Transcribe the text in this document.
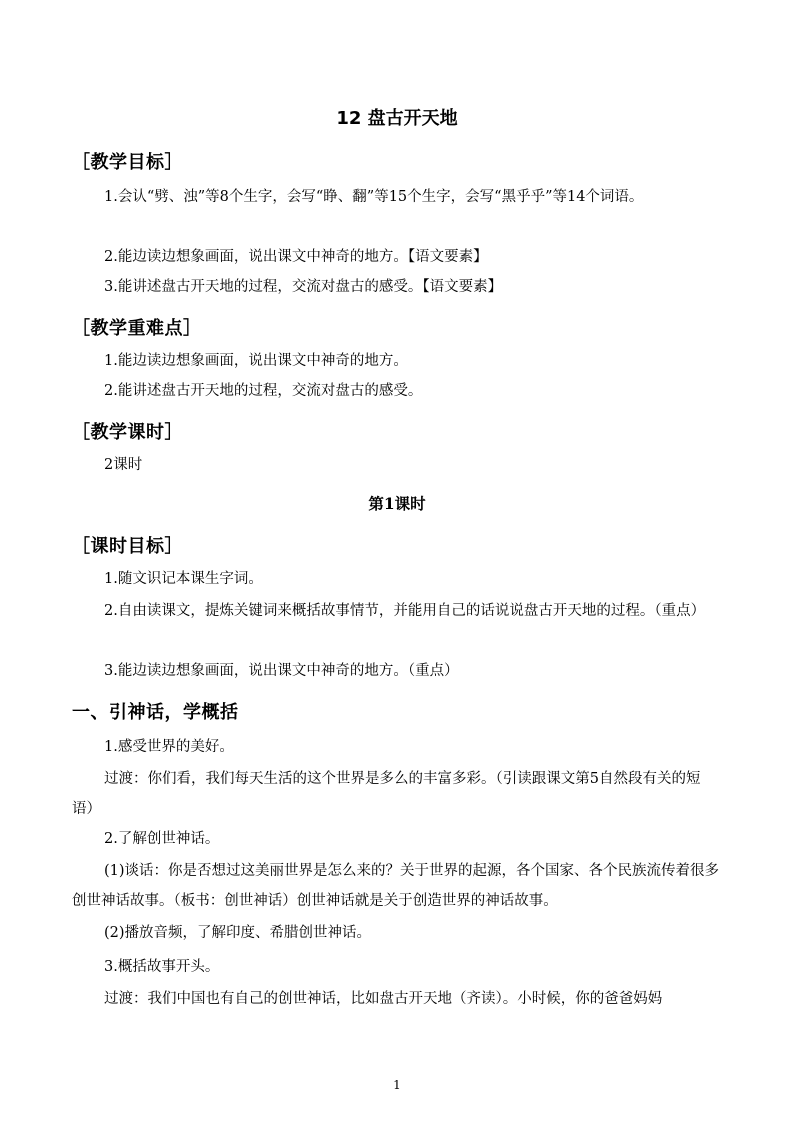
12 盘古开天地
［教学目标］
1.会认“劈、浊”等8个生字，会写“睁、翻”等15个生字，会写“黑乎乎”等14个词语。
2.能边读边想象画面，说出课文中神奇的地方。【语文要素】
3.能讲述盘古开天地的过程，交流对盘古的感受。【语文要素】
［教学重难点］
1.能边读边想象画面，说出课文中神奇的地方。
2.能讲述盘古开天地的过程，交流对盘古的感受。
［教学课时］
2课时
第1课时
［课时目标］
1.随文识记本课生字词。
2.自由读课文，提炼关键词来概括故事情节，并能用自己的话说说盘古开天地的过程。（重点）
3.能边读边想象画面，说出课文中神奇的地方。（重点）
一、引神话，学概括
1.感受世界的美好。
过渡：你们看，我们每天生活的这个世界是多么的丰富多彩。（引读跟课文第5自然段有关的短语）
2.了解创世神话。
(1)谈话：你是否想过这美丽世界是怎么来的？关于世界的起源，各个国家、各个民族流传着很多创世神话故事。（板书：创世神话）创世神话就是关于创造世界的神话故事。
(2)播放音频，了解印度、希腊创世神话。
3.概括故事开头。
过渡：我们中国也有自己的创世神话，比如盘古开天地（齐读）。小时候，你的爸爸妈妈
1
